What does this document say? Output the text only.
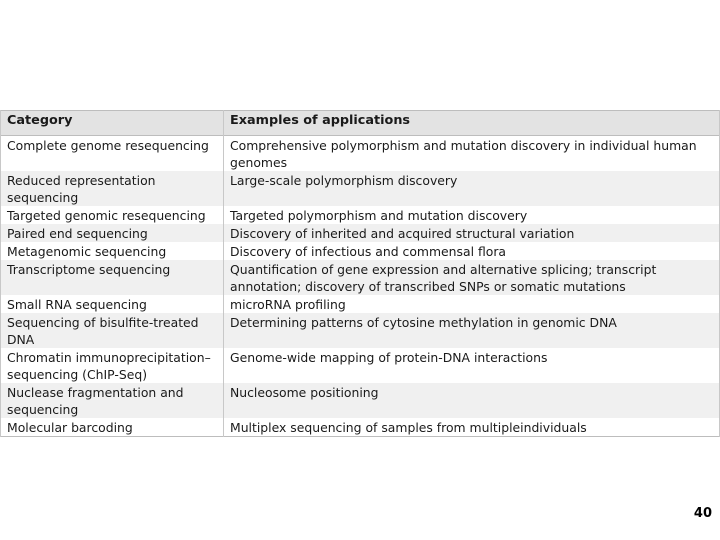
Category	Examples of applications
Complete genome resequencing	Comprehensive polymorphism and mutation discovery in individual human genomes
Reduced representation sequencing	Large-scale polymorphism discovery
Targeted genomic resequencing	Targeted polymorphism and mutation discovery
Paired end sequencing	Discovery of inherited and acquired structural variation
Metagenomic sequencing	Discovery of infectious and commensal flora
Transcriptome sequencing	Quantification of gene expression and alternative splicing; transcript annotation; discovery of transcribed SNPs or somatic mutations
Small RNA sequencing	microRNA profiling
Sequencing of bisulfite-treated DNA	Determining patterns of cytosine methylation in genomic DNA
Chromatin immunoprecipitation–sequencing (ChIP-Seq)	Genome-wide mapping of protein-DNA interactions
Nuclease fragmentation and sequencing	Nucleosome positioning
Molecular barcoding	Multiplex sequencing of samples from multipleindividuals
40
